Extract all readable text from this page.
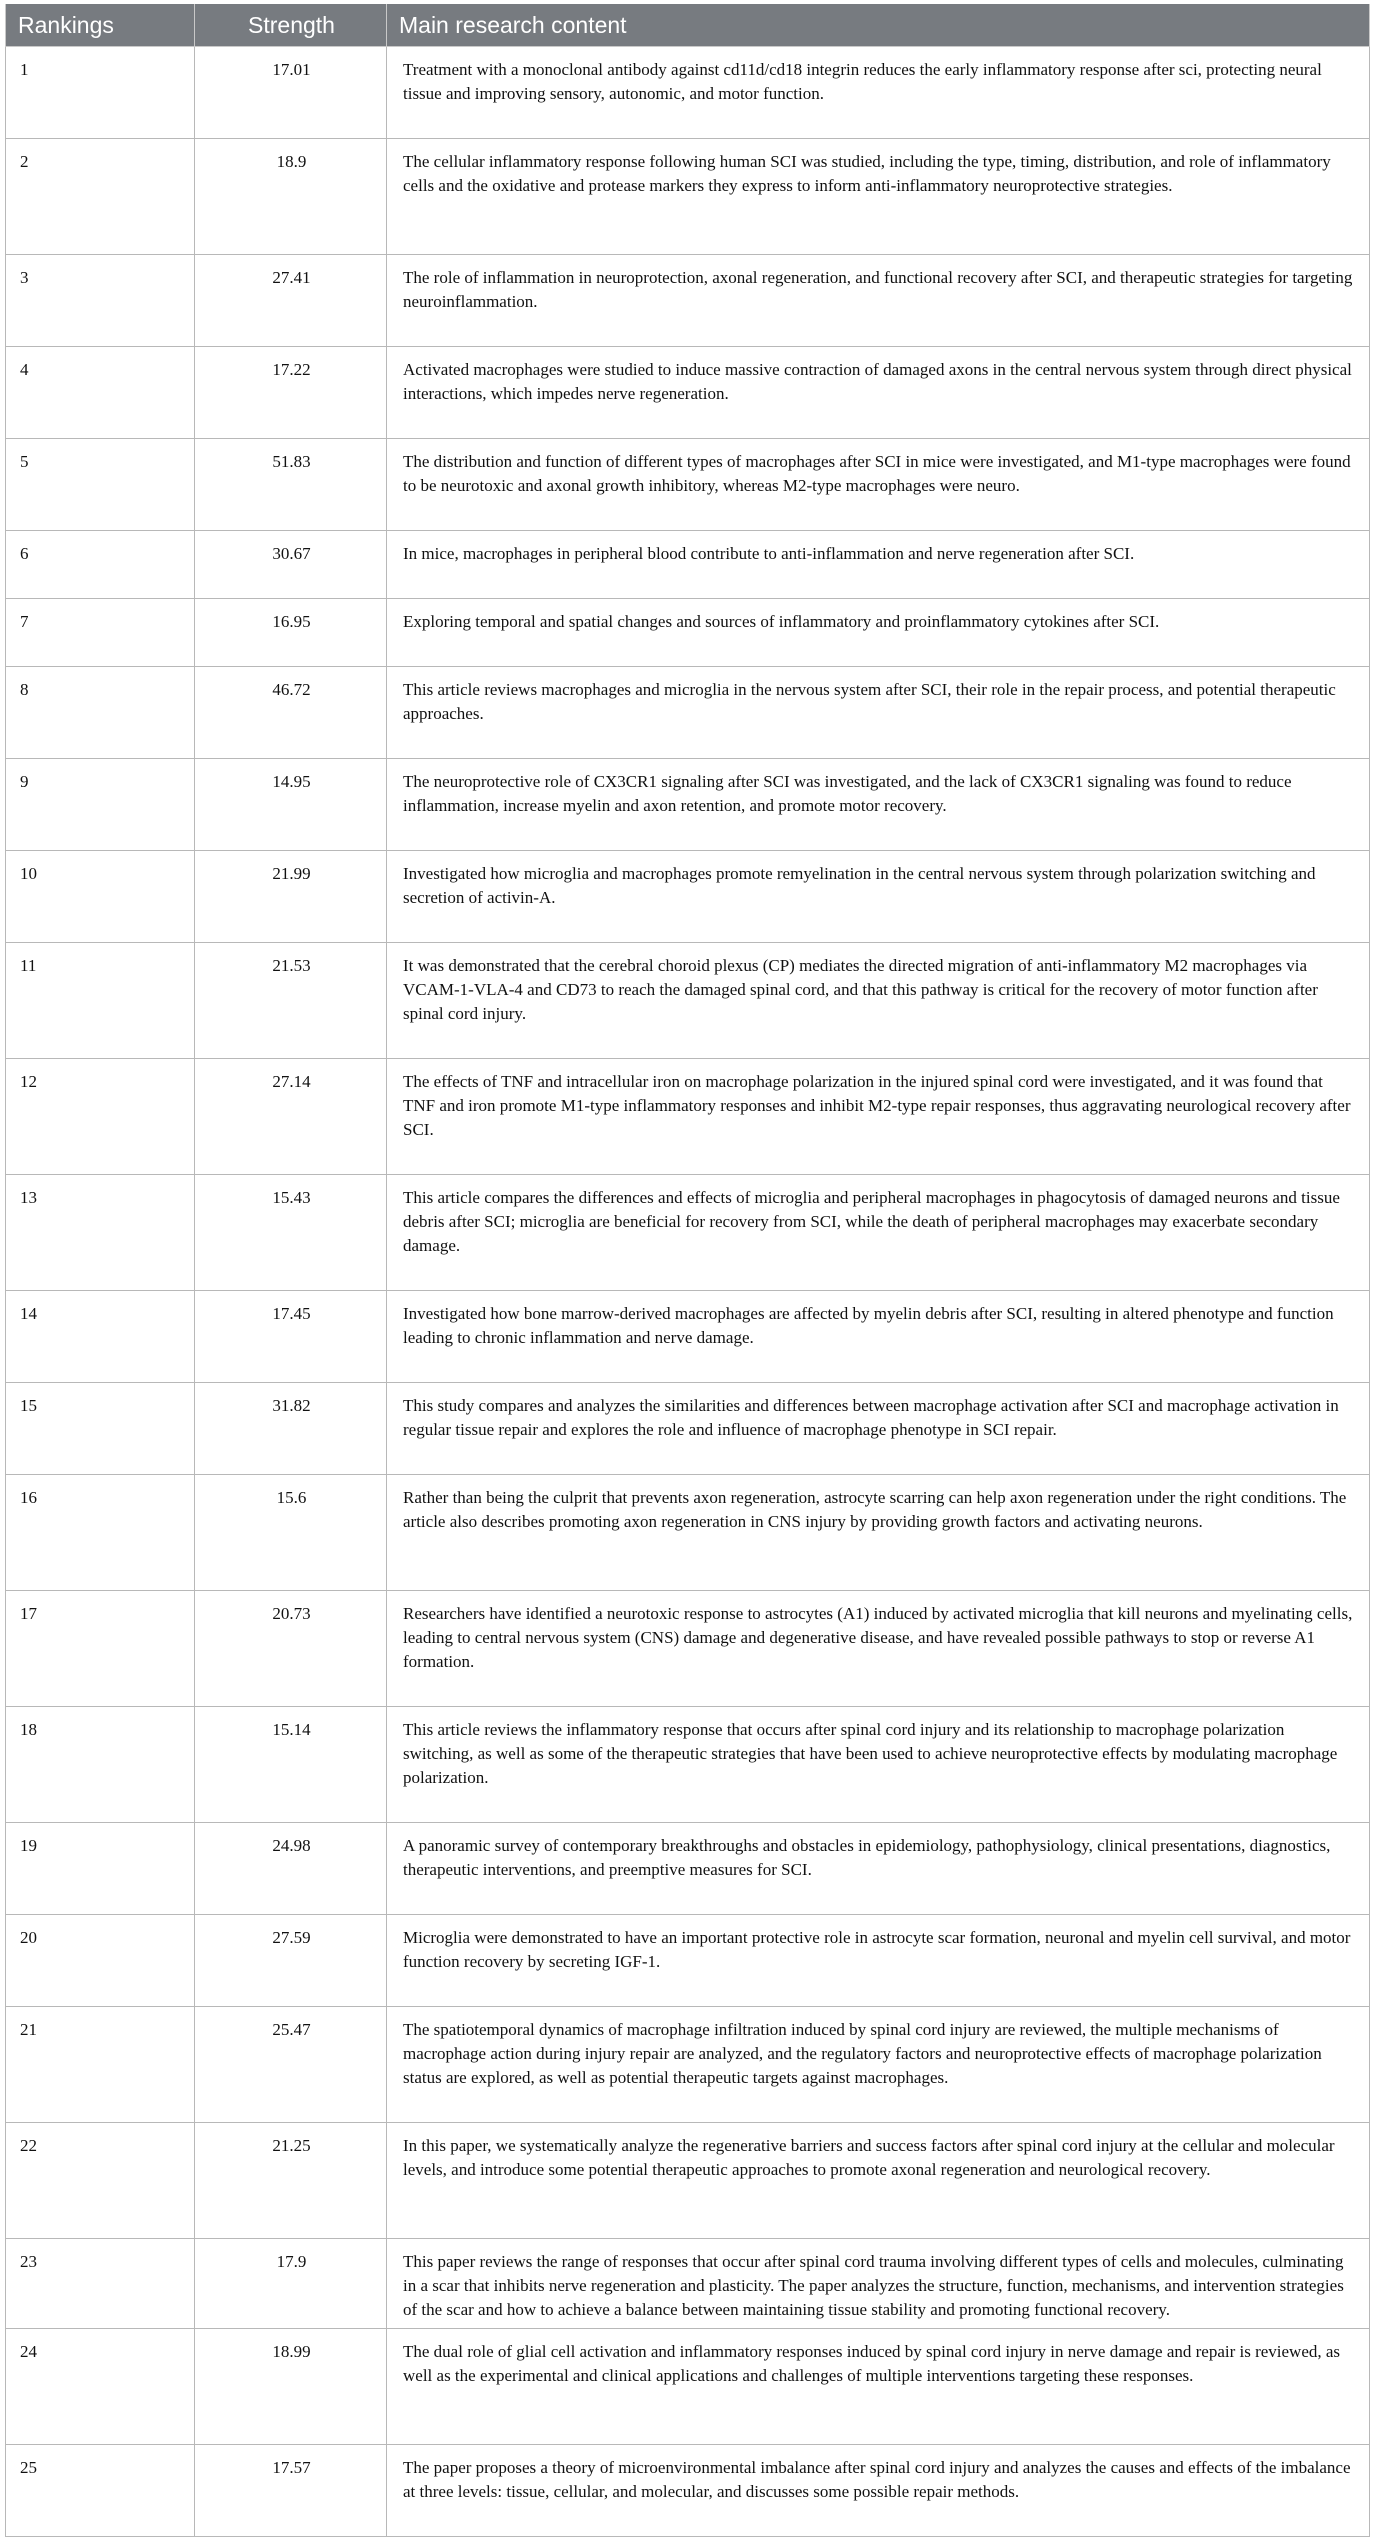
Rankings	Strength	Main research content
1	17.01	Treatment with a monoclonal antibody against cd11d/cd18 integrin reduces the early inflammatory response after sci, protecting neural tissue and improving sensory, autonomic, and motor function.
2	18.9	The cellular inflammatory response following human SCI was studied, including the type, timing, distribution, and role of inflammatory cells and the oxidative and protease markers they express to inform anti-inflammatory neuroprotective strategies.
3	27.41	The role of inflammation in neuroprotection, axonal regeneration, and functional recovery after SCI, and therapeutic strategies for targeting neuroinflammation.
4	17.22	Activated macrophages were studied to induce massive contraction of damaged axons in the central nervous system through direct physical interactions, which impedes nerve regeneration.
5	51.83	The distribution and function of different types of macrophages after SCI in mice were investigated, and M1-type macrophages were found to be neurotoxic and axonal growth inhibitory, whereas M2-type macrophages were neuro.
6	30.67	In mice, macrophages in peripheral blood contribute to anti-inflammation and nerve regeneration after SCI.
7	16.95	Exploring temporal and spatial changes and sources of inflammatory and proinflammatory cytokines after SCI.
8	46.72	This article reviews macrophages and microglia in the nervous system after SCI, their role in the repair process, and potential therapeutic approaches.
9	14.95	The neuroprotective role of CX3CR1 signaling after SCI was investigated, and the lack of CX3CR1 signaling was found to reduce inflammation, increase myelin and axon retention, and promote motor recovery.
10	21.99	Investigated how microglia and macrophages promote remyelination in the central nervous system through polarization switching and secretion of activin-A.
11	21.53	It was demonstrated that the cerebral choroid plexus (CP) mediates the directed migration of anti-inflammatory M2 macrophages via VCAM-1-VLA-4 and CD73 to reach the damaged spinal cord, and that this pathway is critical for the recovery of motor function after spinal cord injury.
12	27.14	The effects of TNF and intracellular iron on macrophage polarization in the injured spinal cord were investigated, and it was found that TNF and iron promote M1-type inflammatory responses and inhibit M2-type repair responses, thus aggravating neurological recovery after SCI.
13	15.43	This article compares the differences and effects of microglia and peripheral macrophages in phagocytosis of damaged neurons and tissue debris after SCI; microglia are beneficial for recovery from SCI, while the death of peripheral macrophages may exacerbate secondary damage.
14	17.45	Investigated how bone marrow-derived macrophages are affected by myelin debris after SCI, resulting in altered phenotype and function leading to chronic inflammation and nerve damage.
15	31.82	This study compares and analyzes the similarities and differences between macrophage activation after SCI and macrophage activation in regular tissue repair and explores the role and influence of macrophage phenotype in SCI repair.
16	15.6	Rather than being the culprit that prevents axon regeneration, astrocyte scarring can help axon regeneration under the right conditions. The article also describes promoting axon regeneration in CNS injury by providing growth factors and activating neurons.
17	20.73	Researchers have identified a neurotoxic response to astrocytes (A1) induced by activated microglia that kill neurons and myelinating cells, leading to central nervous system (CNS) damage and degenerative disease, and have revealed possible pathways to stop or reverse A1 formation.
18	15.14	This article reviews the inflammatory response that occurs after spinal cord injury and its relationship to macrophage polarization switching, as well as some of the therapeutic strategies that have been used to achieve neuroprotective effects by modulating macrophage polarization.
19	24.98	A panoramic survey of contemporary breakthroughs and obstacles in epidemiology, pathophysiology, clinical presentations, diagnostics, therapeutic interventions, and preemptive measures for SCI.
20	27.59	Microglia were demonstrated to have an important protective role in astrocyte scar formation, neuronal and myelin cell survival, and motor function recovery by secreting IGF-1.
21	25.47	The spatiotemporal dynamics of macrophage infiltration induced by spinal cord injury are reviewed, the multiple mechanisms of macrophage action during injury repair are analyzed, and the regulatory factors and neuroprotective effects of macrophage polarization status are explored, as well as potential therapeutic targets against macrophages.
22	21.25	In this paper, we systematically analyze the regenerative barriers and success factors after spinal cord injury at the cellular and molecular levels, and introduce some potential therapeutic approaches to promote axonal regeneration and neurological recovery.
23	17.9	This paper reviews the range of responses that occur after spinal cord trauma involving different types of cells and molecules, culminating in a scar that inhibits nerve regeneration and plasticity. The paper analyzes the structure, function, mechanisms, and intervention strategies of the scar and how to achieve a balance between maintaining tissue stability and promoting functional recovery.
24	18.99	The dual role of glial cell activation and inflammatory responses induced by spinal cord injury in nerve damage and repair is reviewed, as well as the experimental and clinical applications and challenges of multiple interventions targeting these responses.
25	17.57	The paper proposes a theory of microenvironmental imbalance after spinal cord injury and analyzes the causes and effects of the imbalance at three levels: tissue, cellular, and molecular, and discusses some possible repair methods.
